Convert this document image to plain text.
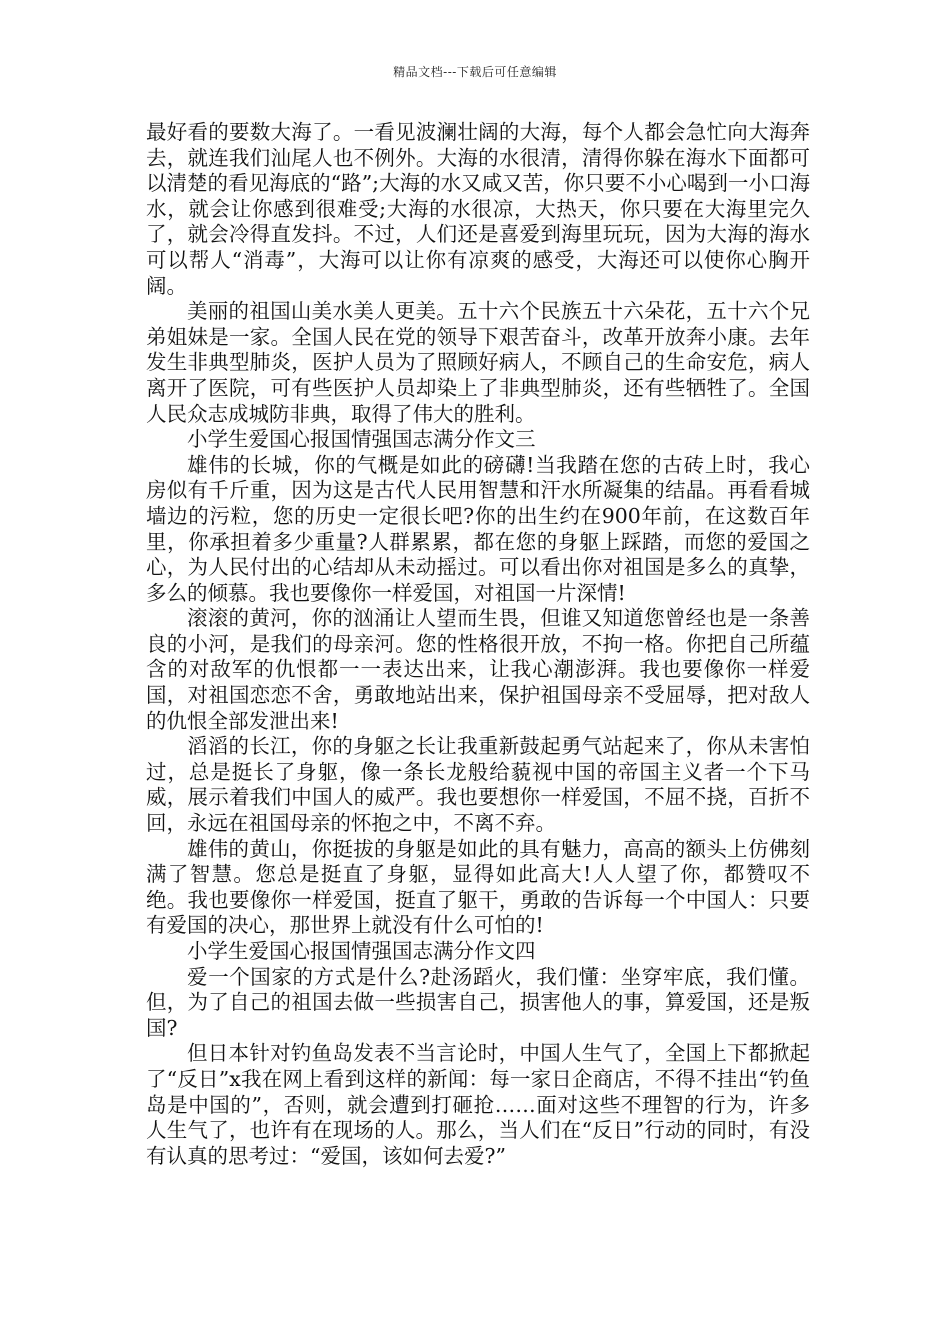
精品文档---下载后可任意编辑

最好看的要数大海了。一看见波澜壮阔的大海，每个人都会急忙向大海奔去，就连我们汕尾人也不例外。大海的水很清，清得你躲在海水下面都可以清楚的看见海底的“路”;大海的水又咸又苦，你只要不小心喝到一小口海水，就会让你感到很难受;大海的水很凉，大热天，你只要在大海里完久了，就会冷得直发抖。不过，人们还是喜爱到海里玩玩，因为大海的海水可以帮人“消毒”，大海可以让你有凉爽的感受，大海还可以使你心胸开阔。

美丽的祖国山美水美人更美。五十六个民族五十六朵花，五十六个兄弟姐妹是一家。全国人民在党的领导下艰苦奋斗，改革开放奔小康。去年发生非典型肺炎，医护人员为了照顾好病人，不顾自己的生命安危，病人离开了医院，可有些医护人员却染上了非典型肺炎，还有些牺牲了。全国人民众志成城防非典，取得了伟大的胜利。

小学生爱国心报国情强国志满分作文三

雄伟的长城，你的气概是如此的磅礴!当我踏在您的古砖上时，我心房似有千斤重，因为这是古代人民用智慧和汗水所凝集的结晶。再看看城墙边的污粒，您的历史一定很长吧?你的出生约在900年前，在这数百年里，你承担着多少重量?人群累累，都在您的身躯上踩踏，而您的爱国之心，为人民付出的心结却从未动摇过。可以看出你对祖国是多么的真挚，多么的倾慕。我也要像你一样爱国，对祖国一片深情!

滚滚的黄河，你的汹涌让人望而生畏，但谁又知道您曾经也是一条善良的小河，是我们的母亲河。您的性格很开放，不拘一格。你把自己所蕴含的对敌军的仇恨都一一表达出来，让我心潮澎湃。我也要像你一样爱国，对祖国恋恋不舍，勇敢地站出来，保护祖国母亲不受屈辱，把对敌人的仇恨全部发泄出来!

滔滔的长江，你的身躯之长让我重新鼓起勇气站起来了，你从未害怕过，总是挺长了身躯，像一条长龙般给藐视中国的帝国主义者一个下马威，展示着我们中国人的威严。我也要想你一样爱国，不屈不挠，百折不回，永远在祖国母亲的怀抱之中，不离不弃。

雄伟的黄山，你挺拔的身躯是如此的具有魅力，高高的额头上仿佛刻满了智慧。您总是挺直了身躯，显得如此高大!人人望了你，都赞叹不绝。我也要像你一样爱国，挺直了躯干，勇敢的告诉每一个中国人：只要有爱国的决心，那世界上就没有什么可怕的!

小学生爱国心报国情强国志满分作文四

爱一个国家的方式是什么?赴汤蹈火，我们懂：坐穿牢底，我们懂。但，为了自己的祖国去做一些损害自己，损害他人的事，算爱国，还是叛国?

但日本针对钓鱼岛发表不当言论时，中国人生气了，全国上下都掀起了“反日”x我在网上看到这样的新闻：每一家日企商店，不得不挂出“钓鱼岛是中国的”，否则，就会遭到打砸抢……面对这些不理智的行为，许多人生气了，也许有在现场的人。那么，当人们在“反日”行动的同时，有没有认真的思考过：“爱国，该如何去爱?”
